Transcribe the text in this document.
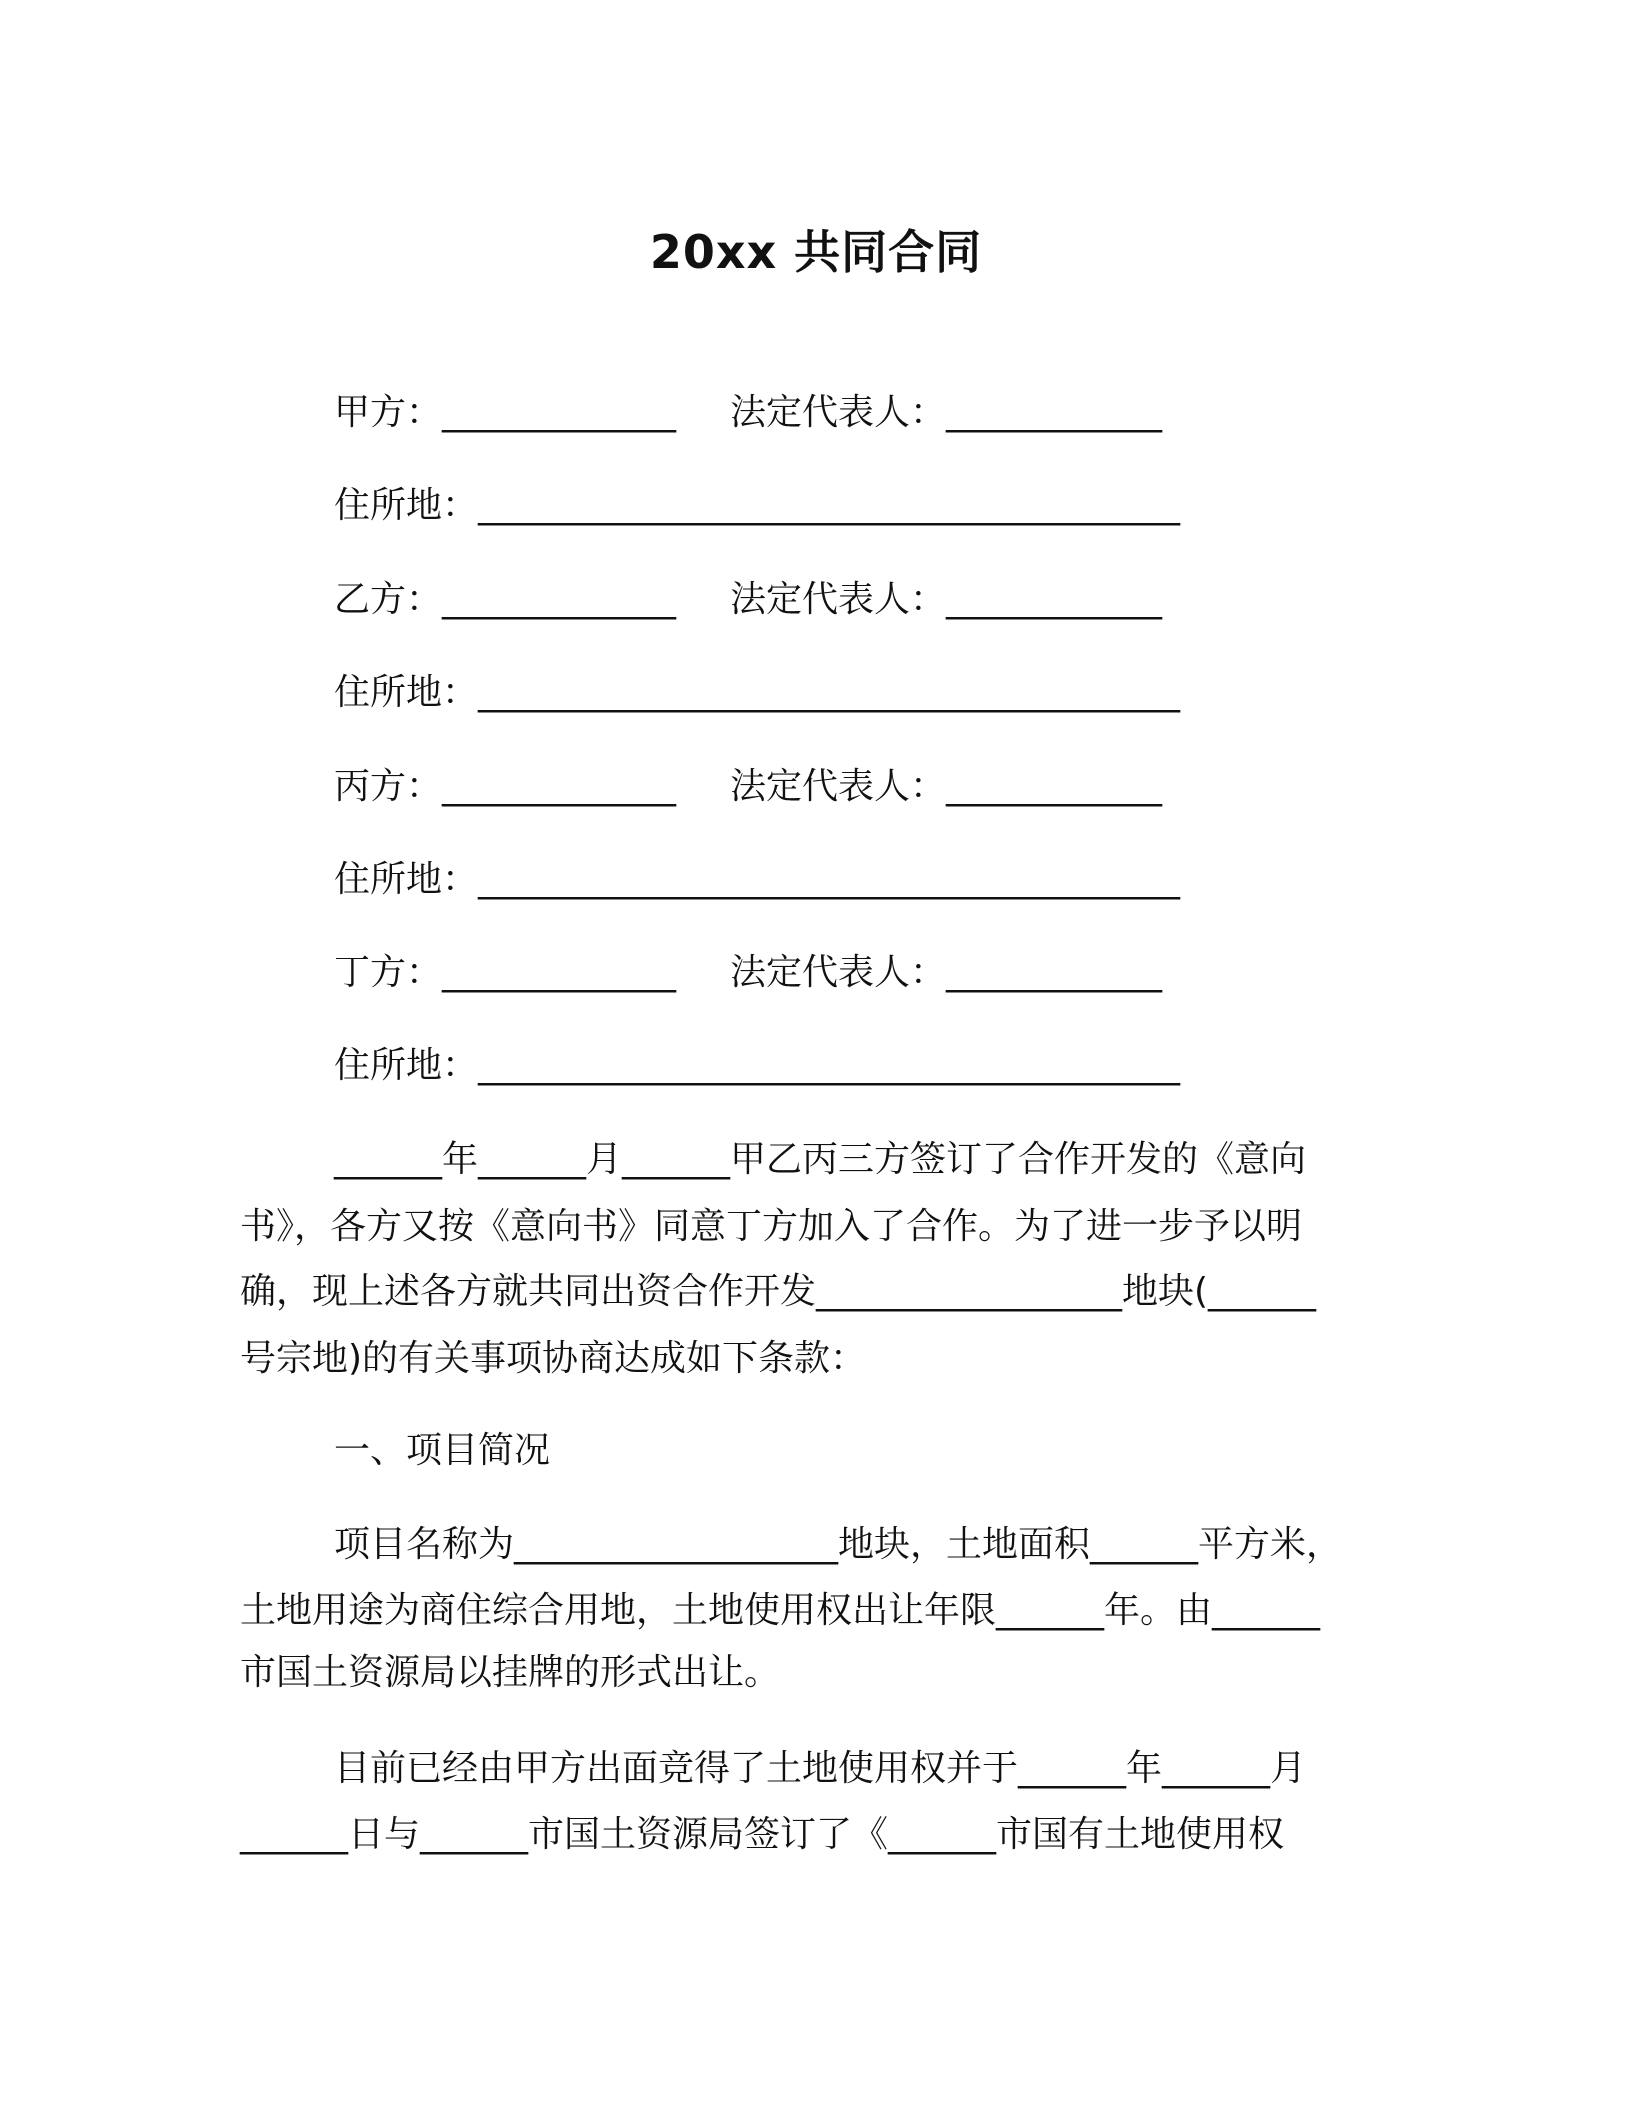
20xx 共同合同
甲方：_____________ 法定代表人：____________
住所地：_______________________________________
乙方：_____________ 法定代表人：____________
住所地：_______________________________________
丙方：_____________ 法定代表人：____________
住所地：_______________________________________
丁方：_____________ 法定代表人：____________
住所地：_______________________________________
______年______月______甲乙丙三方签订了合作开发的《意向
书》，各方又按《意向书》同意丁方加入了合作。为了进一步予以明
确，现上述各方就共同出资合作开发_________________地块(______
号宗地)的有关事项协商达成如下条款：
一、项目简况
项目名称为__________________地块，土地面积______平方米，
土地用途为商住综合用地，土地使用权出让年限______年。由______
市国土资源局以挂牌的形式出让。
目前已经由甲方出面竞得了土地使用权并于______年______月
______日与______市国土资源局签订了《______市国有土地使用权
